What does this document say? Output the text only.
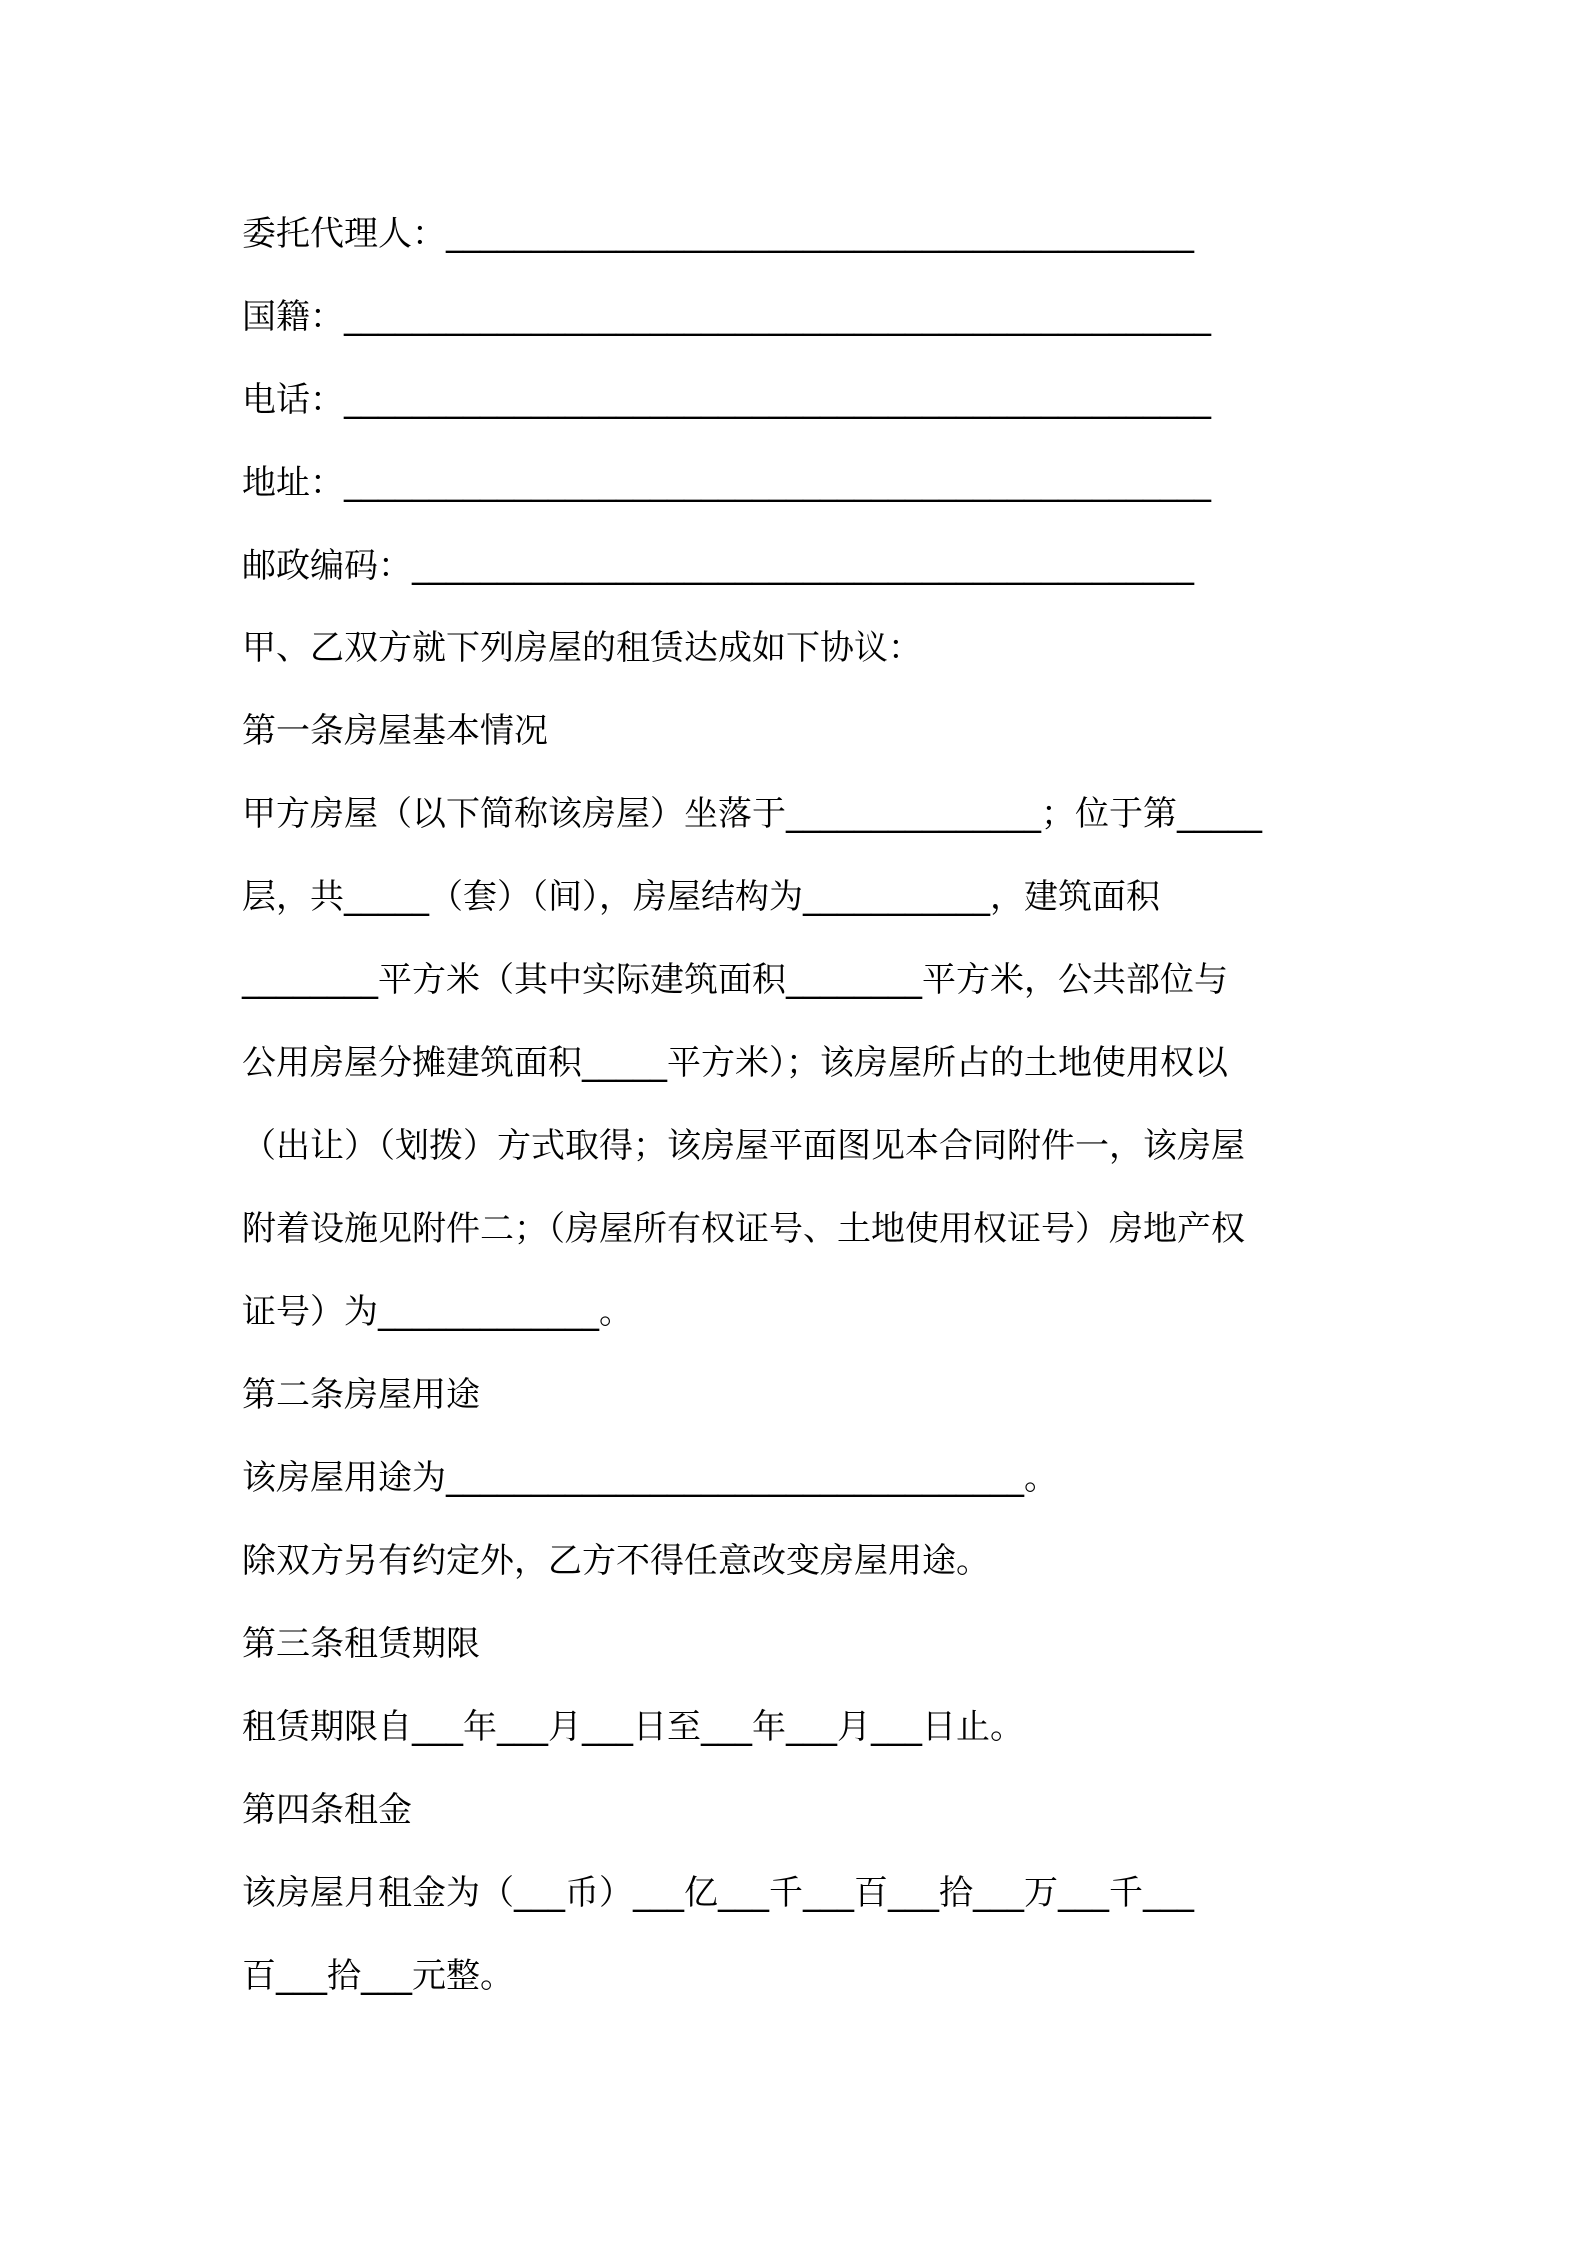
委托代理人：____________________________________________
国籍：___________________________________________________
电话：___________________________________________________
地址：___________________________________________________
邮政编码：______________________________________________
甲、乙双方就下列房屋的租赁达成如下协议：
第一条房屋基本情况
甲方房屋（以下简称该房屋）坐落于_______________；位于第_____
层，共_____（套）（间），房屋结构为___________，建筑面积
________平方米（其中实际建筑面积________平方米，公共部位与
公用房屋分摊建筑面积_____平方米）；该房屋所占的土地使用权以
（出让）（划拨）方式取得；该房屋平面图见本合同附件一，该房屋
附着设施见附件二；（房屋所有权证号、土地使用权证号）房地产权
证号）为_____________。
第二条房屋用途
该房屋用途为__________________________________。
除双方另有约定外，乙方不得任意改变房屋用途。
第三条租赁期限
租赁期限自___年___月___日至___年___月___日止。
第四条租金
该房屋月租金为（___币）___亿___千___百___拾___万___千___
百___拾___元整。
